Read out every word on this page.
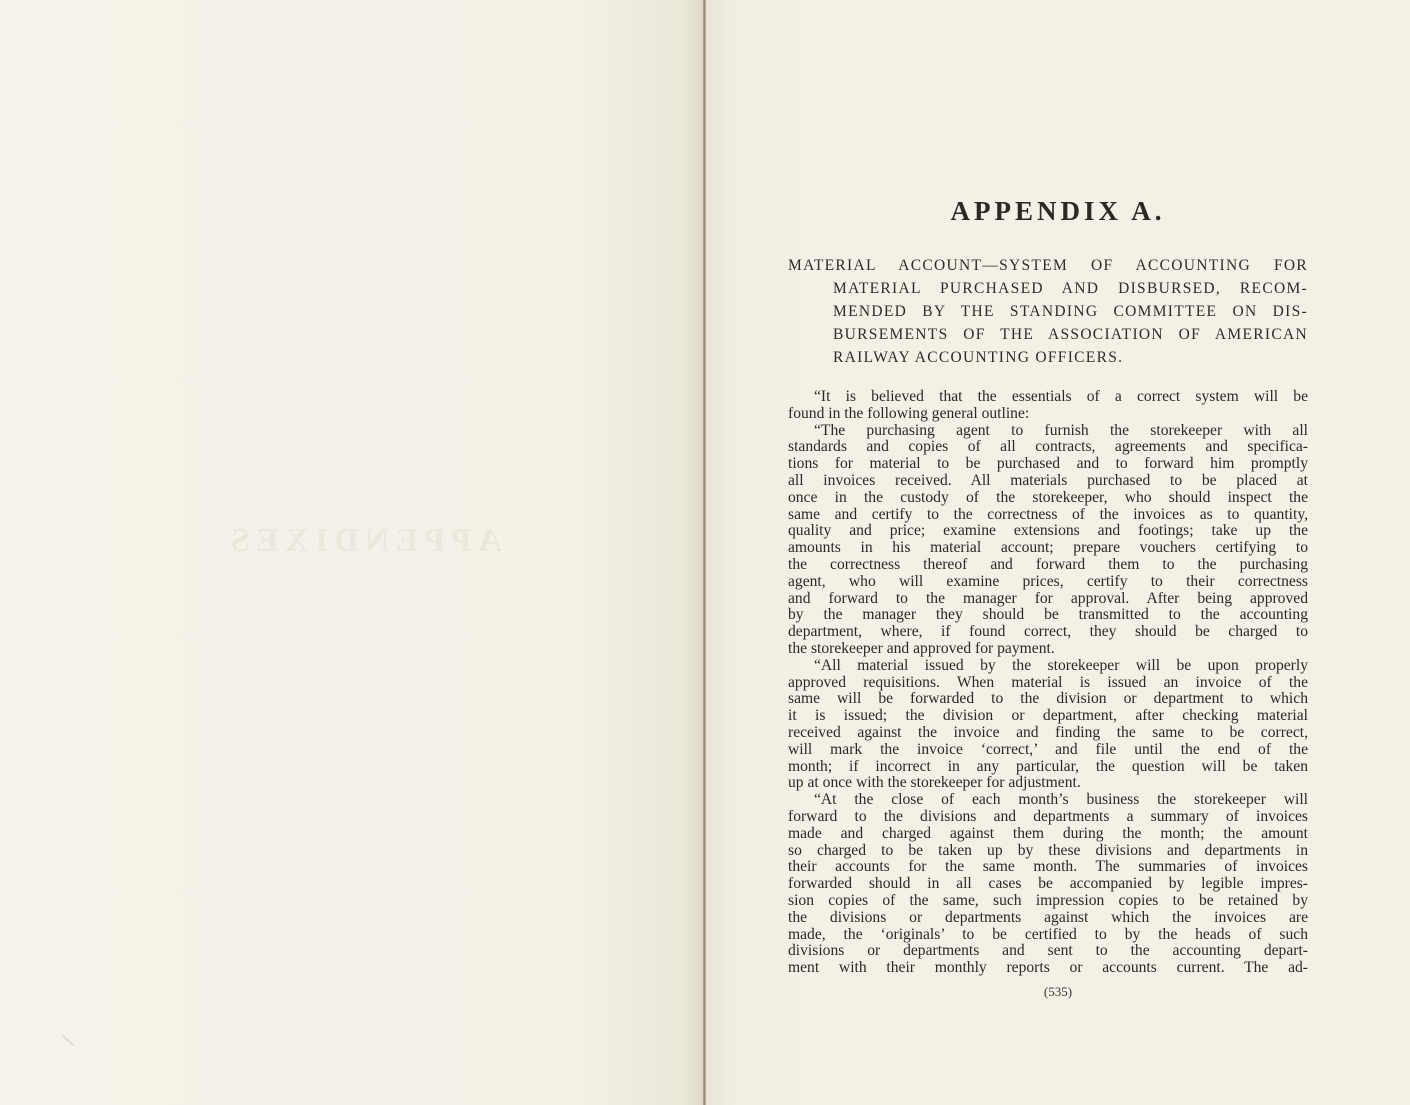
APPENDIXES
APPENDIX A.
MATERIAL ACCOUNT—SYSTEM OF ACCOUNTING FOR
MATERIAL PURCHASED AND DISBURSED, RECOM-
MENDED BY THE STANDING COMMITTEE ON DIS-
BURSEMENTS OF THE ASSOCIATION OF AMERICAN
RAILWAY ACCOUNTING OFFICERS.
“It is believed that the essentials of a correct system will be
found in the following general outline:
“The purchasing agent to furnish the storekeeper with all
standards and copies of all contracts, agreements and specifica-
tions for material to be purchased and to forward him promptly
all invoices received. All materials purchased to be placed at
once in the custody of the storekeeper, who should inspect the
same and certify to the correctness of the invoices as to quantity,
quality and price; examine extensions and footings; take up the
amounts in his material account; prepare vouchers certifying to
the correctness thereof and forward them to the purchasing
agent, who will examine prices, certify to their correctness
and forward to the manager for approval. After being approved
by the manager they should be transmitted to the accounting
department, where, if found correct, they should be charged to
the storekeeper and approved for payment.
“All material issued by the storekeeper will be upon properly
approved requisitions. When material is issued an invoice of the
same will be forwarded to the division or department to which
it is issued; the division or department, after checking material
received against the invoice and finding the same to be correct,
will mark the invoice ‘correct,’ and file until the end of the
month; if incorrect in any particular, the question will be taken
up at once with the storekeeper for adjustment.
“At the close of each month’s business the storekeeper will
forward to the divisions and departments a summary of invoices
made and charged against them during the month; the amount
so charged to be taken up by these divisions and departments in
their accounts for the same month. The summaries of invoices
forwarded should in all cases be accompanied by legible impres-
sion copies of the same, such impression copies to be retained by
the divisions or departments against which the invoices are
made, the ‘originals’ to be certified to by the heads of such
divisions or departments and sent to the accounting depart-
ment with their monthly reports or accounts current. The ad-
(535)
